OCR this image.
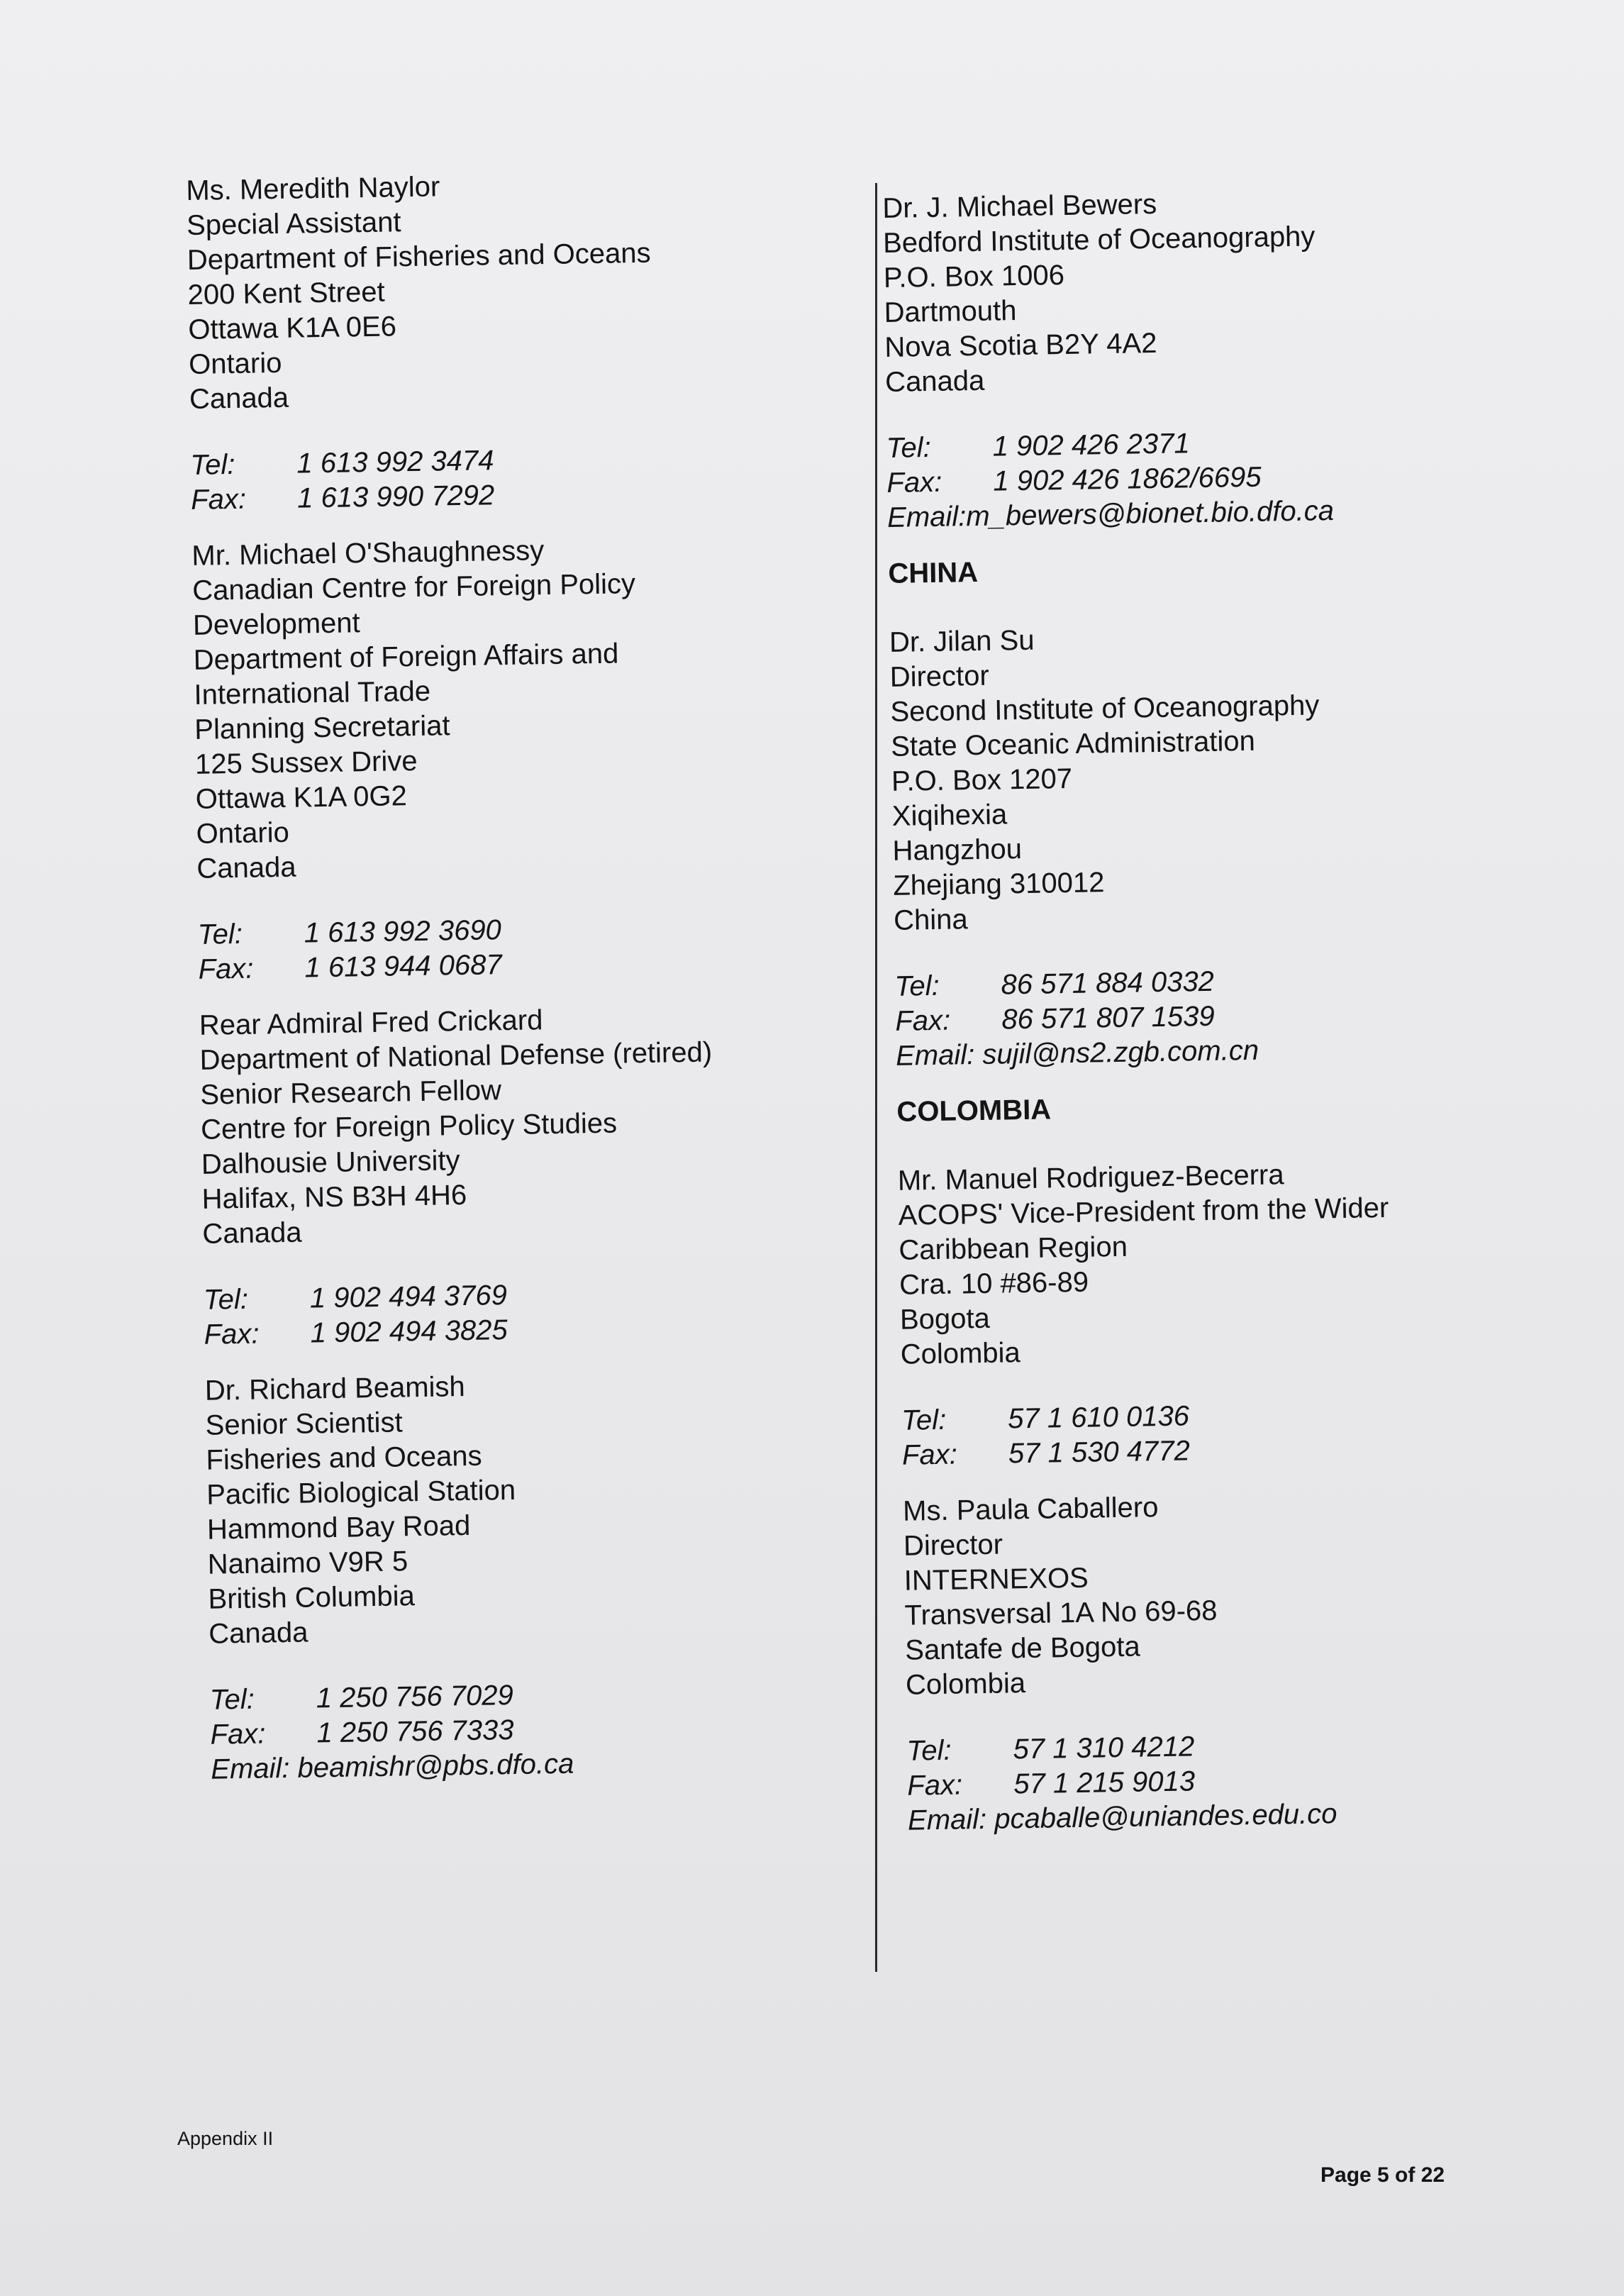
Ms. Meredith Naylor
Special Assistant
Department of Fisheries and Oceans
200 Kent Street
Ottawa K1A 0E6
Ontario
Canada
Tel: 1 613 992 3474
Fax: 1 613 990 7292
Mr. Michael O'Shaughnessy
Canadian Centre for Foreign Policy
Development
Department of Foreign Affairs and
International Trade
Planning Secretariat
125 Sussex Drive
Ottawa K1A 0G2
Ontario
Canada
Tel: 1 613 992 3690
Fax: 1 613 944 0687
Rear Admiral Fred Crickard
Department of National Defense (retired)
Senior Research Fellow
Centre for Foreign Policy Studies
Dalhousie University
Halifax, NS B3H 4H6
Canada
Tel: 1 902 494 3769
Fax: 1 902 494 3825
Dr. Richard Beamish
Senior Scientist
Fisheries and Oceans
Pacific Biological Station
Hammond Bay Road
Nanaimo V9R 5
British Columbia
Canada
Tel: 1 250 756 7029
Fax: 1 250 756 7333
Email: beamishr@pbs.dfo.ca
Dr. J. Michael Bewers
Bedford Institute of Oceanography
P.O. Box 1006
Dartmouth
Nova Scotia B2Y 4A2
Canada
Tel: 1 902 426 2371
Fax: 1 902 426 1862/6695
Email:m_bewers@bionet.bio.dfo.ca
CHINA
Dr. Jilan Su
Director
Second Institute of Oceanography
State Oceanic Administration
P.O. Box 1207
Xiqihexia
Hangzhou
Zhejiang 310012
China
Tel: 86 571 884 0332
Fax: 86 571 807 1539
Email: sujil@ns2.zgb.com.cn
COLOMBIA
Mr. Manuel Rodriguez-Becerra
ACOPS' Vice-President from the Wider
Caribbean Region
Cra. 10 #86-89
Bogota
Colombia
Tel: 57 1 610 0136
Fax: 57 1 530 4772
Ms. Paula Caballero
Director
INTERNEXOS
Transversal 1A No 69-68
Santafe de Bogota
Colombia
Tel: 57 1 310 4212
Fax: 57 1 215 9013
Email: pcaballe@uniandes.edu.co
Appendix II
Page 5 of 22
